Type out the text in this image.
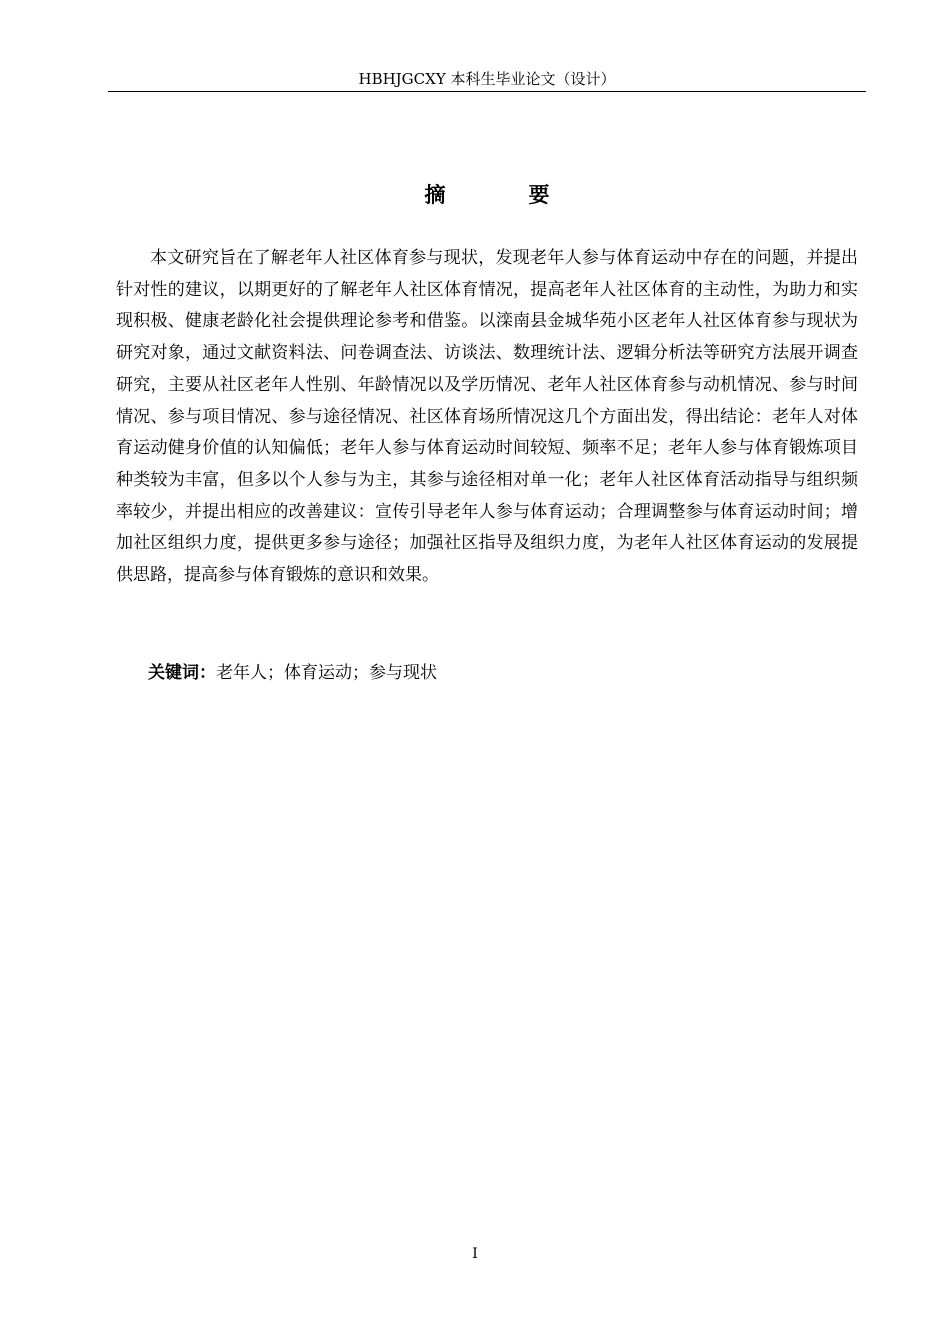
HBHJGCXY 本科生毕业论文（设计）
摘 要

本文研究旨在了解老年人社区体育参与现状，发现老年人参与体育运动中存在的问题，并提出针对性的建议，以期更好的了解老年人社区体育情况，提高老年人社区体育的主动性，为助力和实现积极、健康老龄化社会提供理论参考和借鉴。以滦南县金城华苑小区老年人社区体育参与现状为研究对象，通过文献资料法、问卷调查法、访谈法、数理统计法、逻辑分析法等研究方法展开调查研究，主要从社区老年人性别、年龄情况以及学历情况、老年人社区体育参与动机情况、参与时间情况、参与项目情况、参与途径情况、社区体育场所情况这几个方面出发，得出结论：老年人对体育运动健身价值的认知偏低；老年人参与体育运动时间较短、频率不足；老年人参与体育锻炼项目种类较为丰富，但多以个人参与为主，其参与途径相对单一化；老年人社区体育活动指导与组织频率较少，并提出相应的改善建议：宣传引导老年人参与体育运动；合理调整参与体育运动时间；增加社区组织力度，提供更多参与途径；加强社区指导及组织力度，为老年人社区体育运动的发展提供思路，提高参与体育锻炼的意识和效果。

关键词：老年人；体育运动；参与现状
I
